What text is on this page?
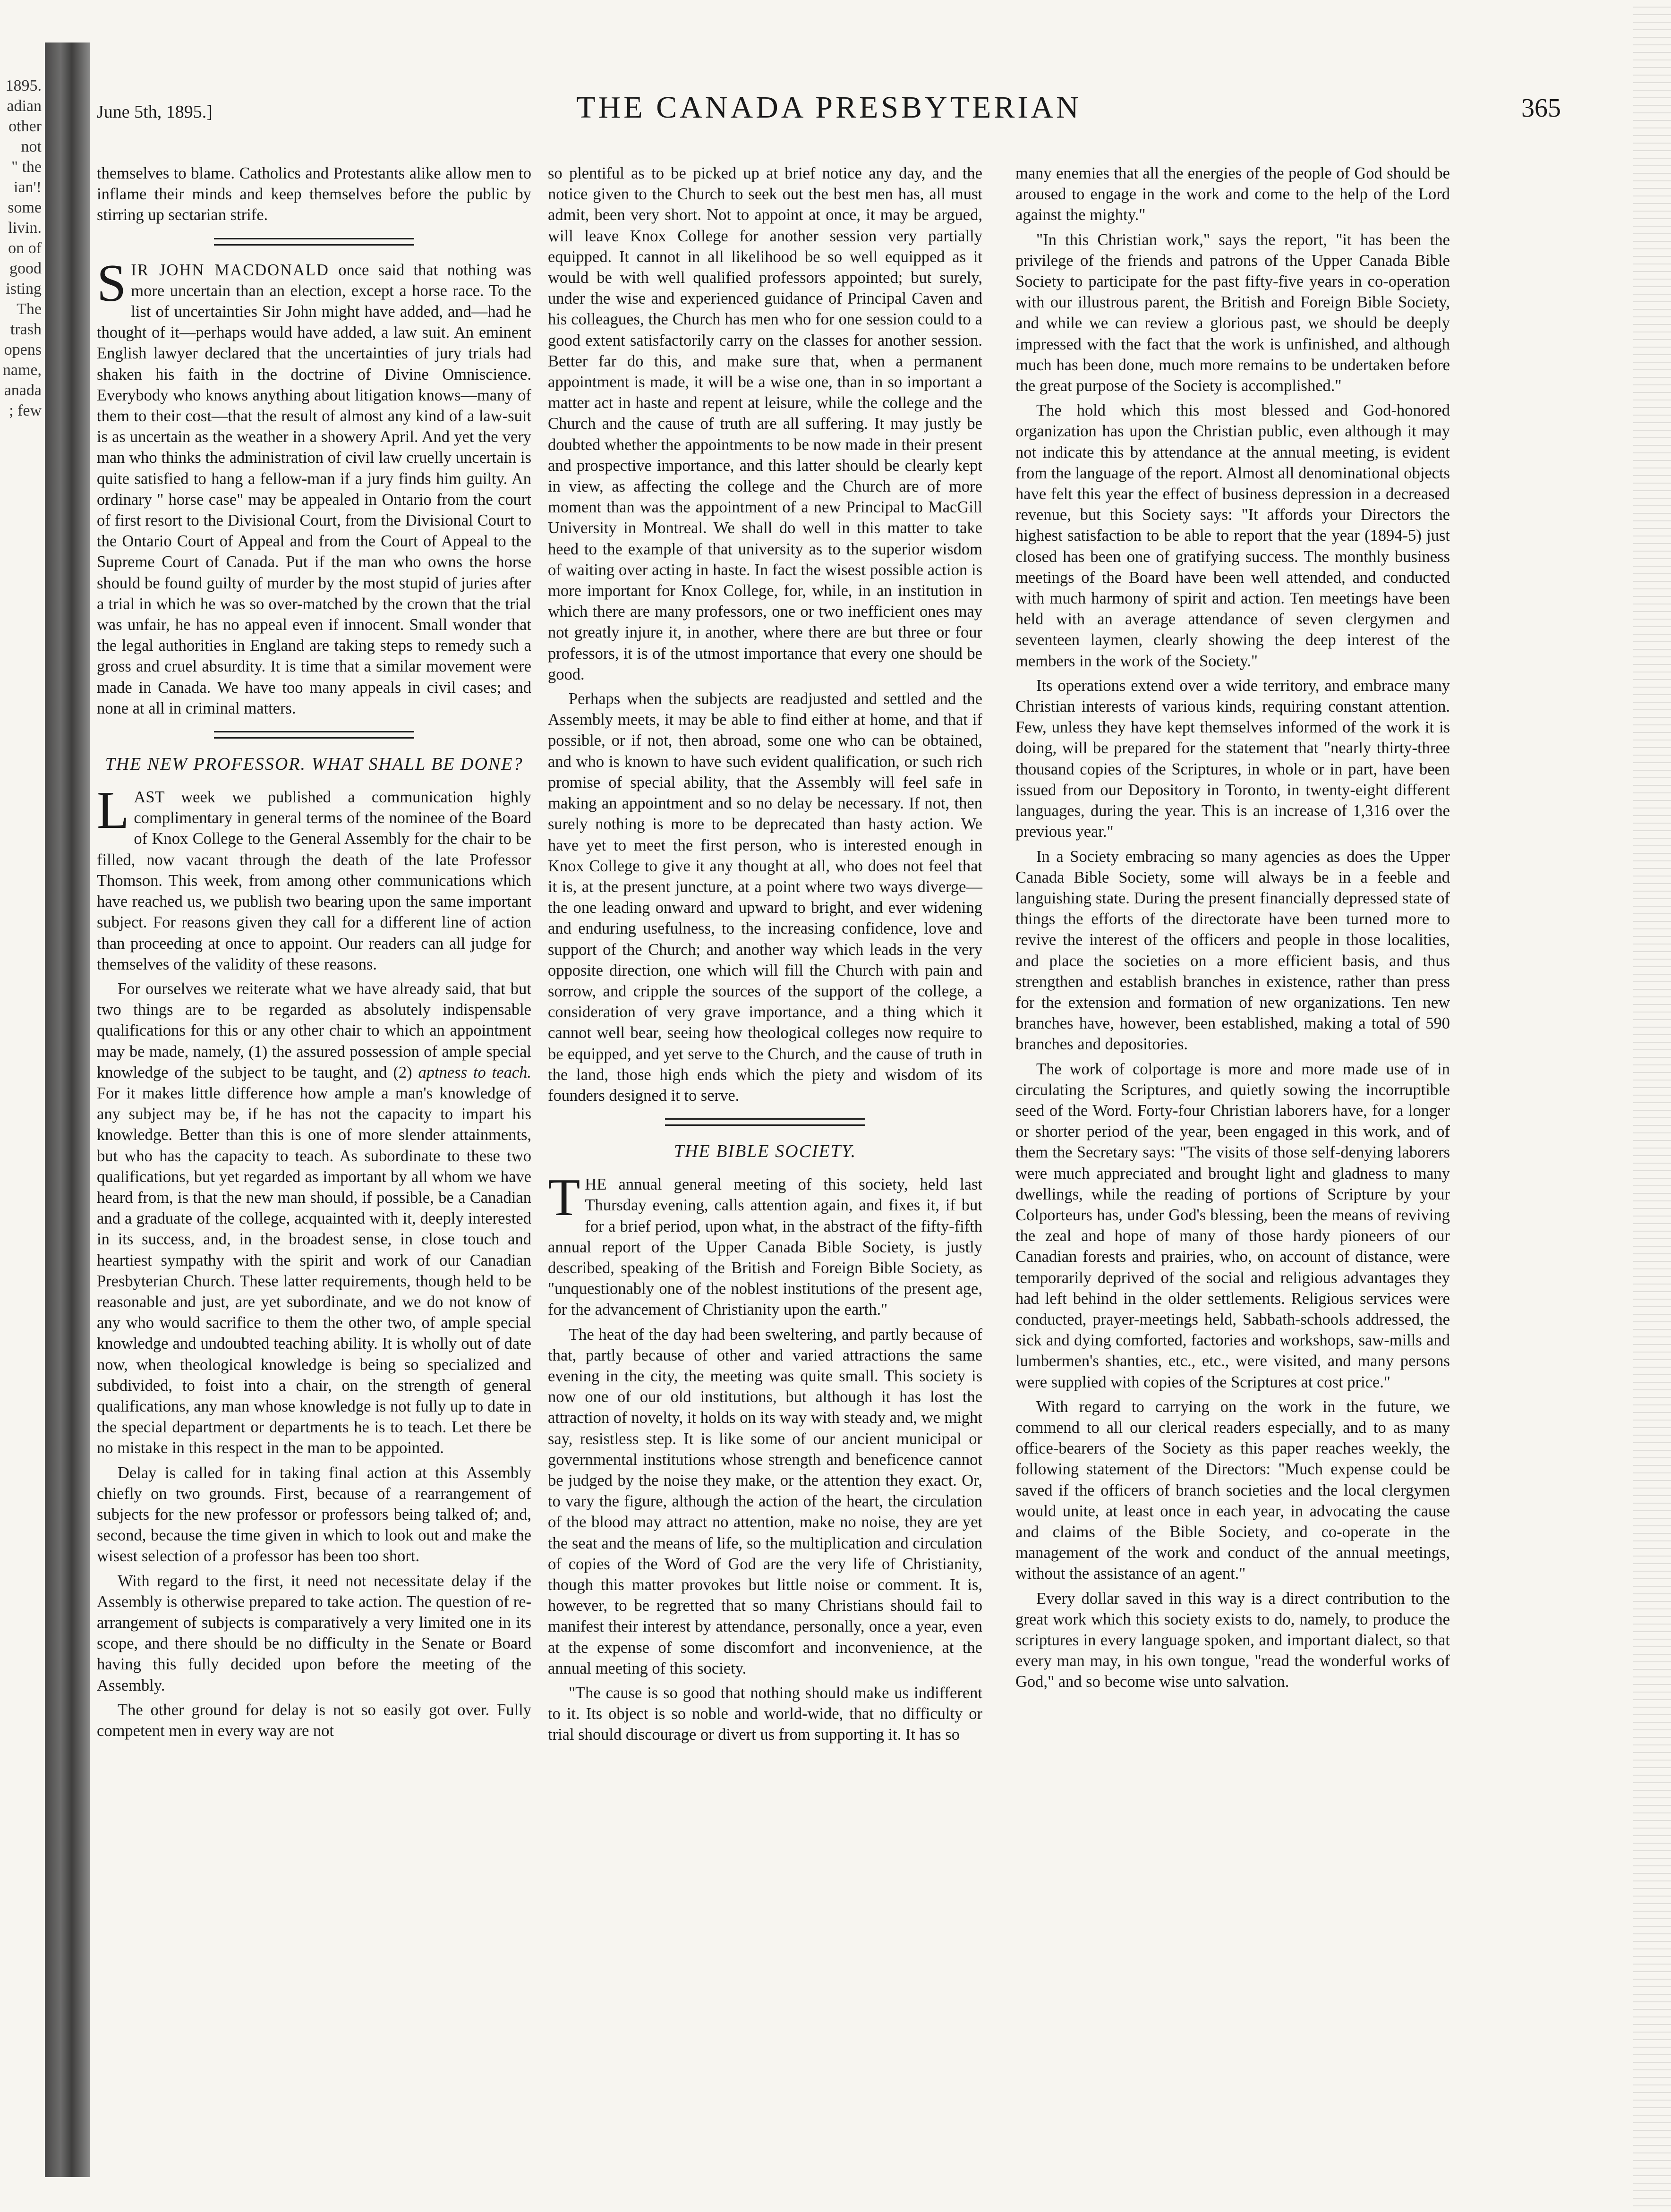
1895.
adian
other
not
" the
ian'!
some
livin.
on of
good
isting
The
trash
opens
name,
anada
; few
June 5th, 1895.]	THE CANADA PRESBYTERIAN	365

themselves to blame. Catholics and Protestants alike allow men to inflame their minds and keep themselves before the public by stirring up sectarian strife.

SIR JOHN MACDONALD once said that nothing was more uncertain than an election, except a horse race. To the list of uncertainties Sir John might have added, and—had he thought of it—perhaps would have added, a law suit. An eminent English lawyer declared that the uncertainties of jury trials had shaken his faith in the doctrine of Divine Omniscience. Everybody who knows anything about litigation knows—many of them to their cost—that the result of almost any kind of a law-suit is as uncertain as the weather in a showery April. And yet the very man who thinks the administration of civil law cruelly uncertain is quite satisfied to hang a fellow-man if a jury finds him guilty. An ordinary " horse case" may be appealed in Ontario from the court of first resort to the Divisional Court, from the Divisional Court to the Ontario Court of Appeal and from the Court of Appeal to the Supreme Court of Canada. Put if the man who owns the horse should be found guilty of murder by the most stupid of juries after a trial in which he was so over-matched by the crown that the trial was unfair, he has no appeal even if innocent. Small wonder that the legal authorities in England are taking steps to remedy such a gross and cruel absurdity. It is time that a similar movement were made in Canada. We have too many appeals in civil cases; and none at all in criminal matters.

THE NEW PROFESSOR. WHAT SHALL BE DONE?

LAST week we published a communication highly complimentary in general terms of the nominee of the Board of Knox College to the General Assembly for the chair to be filled, now vacant through the death of the late Professor Thomson. This week, from among other communications which have reached us, we publish two bearing upon the same important subject. For reasons given they call for a different line of action than proceeding at once to appoint. Our readers can all judge for themselves of the validity of these reasons.

For ourselves we reiterate what we have already said, that but two things are to be regarded as absolutely indispensable qualifications for this or any other chair to which an appointment may be made, namely, (1) the assured possession of ample special knowledge of the subject to be taught, and (2) aptness to teach. For it makes little difference how ample a man's knowledge of any subject may be, if he has not the capacity to impart his knowledge. Better than this is one of more slender attainments, but who has the capacity to teach. As subordinate to these two qualifications, but yet regarded as important by all whom we have heard from, is that the new man should, if possible, be a Canadian and a graduate of the college, acquainted with it, deeply interested in its success, and, in the broadest sense, in close touch and heartiest sympathy with the spirit and work of our Canadian Presbyterian Church. These latter requirements, though held to be reasonable and just, are yet subordinate, and we do not know of any who would sacrifice to them the other two, of ample special knowledge and undoubted teaching ability. It is wholly out of date now, when theological knowledge is being so specialized and subdivided, to foist into a chair, on the strength of general qualifications, any man whose knowledge is not fully up to date in the special department or departments he is to teach. Let there be no mistake in this respect in the man to be appointed.

Delay is called for in taking final action at this Assembly chiefly on two grounds. First, because of a rearrangement of subjects for the new professor or professors being talked of; and, second, because the time given in which to look out and make the wisest selection of a professor has been too short.

With regard to the first, it need not necessitate delay if the Assembly is otherwise prepared to take action. The question of re-arrangement of subjects is comparatively a very limited one in its scope, and there should be no difficulty in the Senate or Board having this fully decided upon before the meeting of the Assembly.

The other ground for delay is not so easily got over. Fully competent men in every way are not

so plentiful as to be picked up at brief notice any day, and the notice given to the Church to seek out the best men has, all must admit, been very short. Not to appoint at once, it may be argued, will leave Knox College for another session very partially equipped. It cannot in all likelihood be so well equipped as it would be with well qualified professors appointed; but surely, under the wise and experienced guidance of Principal Caven and his colleagues, the Church has men who for one session could to a good extent satisfactorily carry on the classes for another session. Better far do this, and make sure that, when a permanent appointment is made, it will be a wise one, than in so important a matter act in haste and repent at leisure, while the college and the Church and the cause of truth are all suffering. It may justly be doubted whether the appointments to be now made in their present and prospective importance, and this latter should be clearly kept in view, as affecting the college and the Church are of more moment than was the appointment of a new Principal to MacGill University in Montreal. We shall do well in this matter to take heed to the example of that university as to the superior wisdom of waiting over acting in haste. In fact the wisest possible action is more important for Knox College, for, while, in an institution in which there are many professors, one or two inefficient ones may not greatly injure it, in another, where there are but three or four professors, it is of the utmost importance that every one should be good.

Perhaps when the subjects are readjusted and settled and the Assembly meets, it may be able to find either at home, and that if possible, or if not, then abroad, some one who can be obtained, and who is known to have such evident qualification, or such rich promise of special ability, that the Assembly will feel safe in making an appointment and so no delay be necessary. If not, then surely nothing is more to be deprecated than hasty action. We have yet to meet the first person, who is interested enough in Knox College to give it any thought at all, who does not feel that it is, at the present juncture, at a point where two ways diverge—the one leading onward and upward to bright, and ever widening and enduring usefulness, to the increasing confidence, love and support of the Church; and another way which leads in the very opposite direction, one which will fill the Church with pain and sorrow, and cripple the sources of the support of the college, a consideration of very grave importance, and a thing which it cannot well bear, seeing how theological colleges now require to be equipped, and yet serve to the Church, and the cause of truth in the land, those high ends which the piety and wisdom of its founders designed it to serve.

THE BIBLE SOCIETY.

THE annual general meeting of this society, held last Thursday evening, calls attention again, and fixes it, if but for a brief period, upon what, in the abstract of the fifty-fifth annual report of the Upper Canada Bible Society, is justly described, speaking of the British and Foreign Bible Society, as "unquestionably one of the noblest institutions of the present age, for the advancement of Christianity upon the earth."

The heat of the day had been sweltering, and partly because of that, partly because of other and varied attractions the same evening in the city, the meeting was quite small. This society is now one of our old institutions, but although it has lost the attraction of novelty, it holds on its way with steady and, we might say, resistless step. It is like some of our ancient municipal or governmental institutions whose strength and beneficence cannot be judged by the noise they make, or the attention they exact. Or, to vary the figure, although the action of the heart, the circulation of the blood may attract no attention, make no noise, they are yet the seat and the means of life, so the multiplication and circulation of copies of the Word of God are the very life of Christianity, though this matter provokes but little noise or comment. It is, however, to be regretted that so many Christians should fail to manifest their interest by attendance, personally, once a year, even at the expense of some discomfort and inconvenience, at the annual meeting of this society.

"The cause is so good that nothing should make us indifferent to it. Its object is so noble and world-wide, that no difficulty or trial should discourage or divert us from supporting it. It has so

many enemies that all the energies of the people of God should be aroused to engage in the work and come to the help of the Lord against the mighty."

"In this Christian work," says the report, "it has been the privilege of the friends and patrons of the Upper Canada Bible Society to participate for the past fifty-five years in co-operation with our illustrous parent, the British and Foreign Bible Society, and while we can review a glorious past, we should be deeply impressed with the fact that the work is unfinished, and although much has been done, much more remains to be undertaken before the great purpose of the Society is accomplished."

The hold which this most blessed and God-honored organization has upon the Christian public, even although it may not indicate this by attendance at the annual meeting, is evident from the language of the report. Almost all denominational objects have felt this year the effect of business depression in a decreased revenue, but this Society says: "It affords your Directors the highest satisfaction to be able to report that the year (1894-5) just closed has been one of gratifying success. The monthly business meetings of the Board have been well attended, and conducted with much harmony of spirit and action. Ten meetings have been held with an average attendance of seven clergymen and seventeen laymen, clearly showing the deep interest of the members in the work of the Society."

Its operations extend over a wide territory, and embrace many Christian interests of various kinds, requiring constant attention. Few, unless they have kept themselves informed of the work it is doing, will be prepared for the statement that "nearly thirty-three thousand copies of the Scriptures, in whole or in part, have been issued from our Depository in Toronto, in twenty-eight different languages, during the year. This is an increase of 1,316 over the previous year."

In a Society embracing so many agencies as does the Upper Canada Bible Society, some will always be in a feeble and languishing state. During the present financially depressed state of things the efforts of the directorate have been turned more to revive the interest of the officers and people in those localities, and place the societies on a more efficient basis, and thus strengthen and establish branches in existence, rather than press for the extension and formation of new organizations. Ten new branches have, however, been established, making a total of 590 branches and depositories.

The work of colportage is more and more made use of in circulating the Scriptures, and quietly sowing the incorruptible seed of the Word. Forty-four Christian laborers have, for a longer or shorter period of the year, been engaged in this work, and of them the Secretary says: "The visits of those self-denying laborers were much appreciated and brought light and gladness to many dwellings, while the reading of portions of Scripture by your Colporteurs has, under God's blessing, been the means of reviving the zeal and hope of many of those hardy pioneers of our Canadian forests and prairies, who, on account of distance, were temporarily deprived of the social and religious advantages they had left behind in the older settlements. Religious services were conducted, prayer-meetings held, Sabbath-schools addressed, the sick and dying comforted, factories and workshops, saw-mills and lumbermen's shanties, etc., etc., were visited, and many persons were supplied with copies of the Scriptures at cost price."

With regard to carrying on the work in the future, we commend to all our clerical readers especially, and to as many office-bearers of the Society as this paper reaches weekly, the following statement of the Directors: "Much expense could be saved if the officers of branch societies and the local clergymen would unite, at least once in each year, in advocating the cause and claims of the Bible Society, and co-operate in the management of the work and conduct of the annual meetings, without the assistance of an agent."

Every dollar saved in this way is a direct contribution to the great work which this society exists to do, namely, to produce the scriptures in every language spoken, and important dialect, so that every man may, in his own tongue, "read the wonderful works of God," and so become wise unto salvation.
